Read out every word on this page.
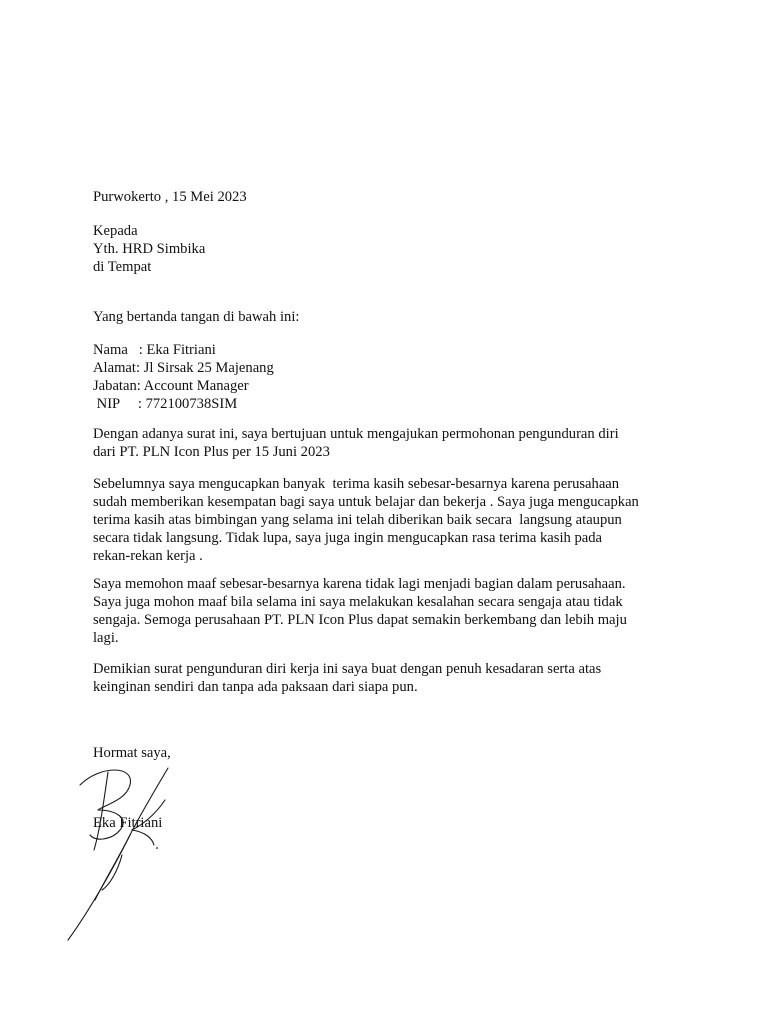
Purwokerto , 15 Mei 2023
Kepada
Yth. HRD Simbika
di Tempat
Yang bertanda tangan di bawah ini:
Nama   : Eka Fitriani
Alamat: Jl Sirsak 25 Majenang
Jabatan: Account Manager
NIP     : 772100738SIM
Dengan adanya surat ini, saya bertujuan untuk mengajukan permohonan pengunduran diri
dari PT. PLN Icon Plus per 15 Juni 2023
Sebelumnya saya mengucapkan banyak  terima kasih sebesar-besarnya karena perusahaan
sudah memberikan kesempatan bagi saya untuk belajar dan bekerja . Saya juga mengucapkan
terima kasih atas bimbingan yang selama ini telah diberikan baik secara  langsung ataupun
secara tidak langsung. Tidak lupa, saya juga ingin mengucapkan rasa terima kasih pada
rekan-rekan kerja .
Saya memohon maaf sebesar-besarnya karena tidak lagi menjadi bagian dalam perusahaan.
Saya juga mohon maaf bila selama ini saya melakukan kesalahan secara sengaja atau tidak
sengaja. Semoga perusahaan PT. PLN Icon Plus dapat semakin berkembang dan lebih maju
lagi.
Demikian surat pengunduran diri kerja ini saya buat dengan penuh kesadaran serta atas
keinginan sendiri dan tanpa ada paksaan dari siapa pun.
Hormat saya,
Eka Fitriani
